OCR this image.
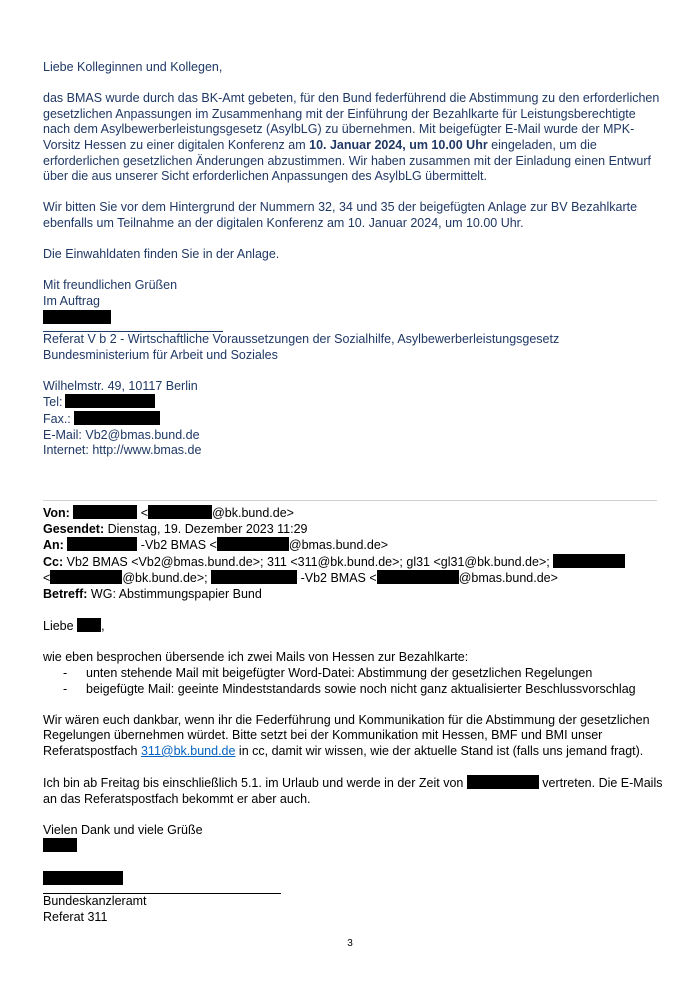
Liebe Kolleginnen und Kollegen,

das BMAS wurde durch das BK-Amt gebeten, für den Bund federführend die Abstimmung zu den erforderlichen gesetzlichen Anpassungen im Zusammenhang mit der Einführung der Bezahlkarte für Leistungsberechtigte nach dem Asylbewerberleistungsgesetz (AsylbLG) zu übernehmen. Mit beigefügter E-Mail wurde der MPK-Vorsitz Hessen zu einer digitalen Konferenz am 10. Januar 2024, um 10.00 Uhr eingeladen, um die erforderlichen gesetzlichen Änderungen abzustimmen. Wir haben zusammen mit der Einladung einen Entwurf über die aus unserer Sicht erforderlichen Anpassungen des AsylbLG übermittelt.

Wir bitten Sie vor dem Hintergrund der Nummern 32, 34 und 35 der beigefügten Anlage zur BV Bezahlkarte ebenfalls um Teilnahme an der digitalen Konferenz am 10. Januar 2024, um 10.00 Uhr.

Die Einwahldaten finden Sie in der Anlage.

Mit freundlichen Grüßen

Im Auftrag

Referat V b 2 - Wirtschaftliche Voraussetzungen der Sozialhilfe, Asylbewerberleistungsgesetz

Bundesministerium für Arbeit und Soziales

Wilhelmstr. 49, 10117 Berlin

Tel:

Fax.:

E-Mail: Vb2@bmas.bund.de

Internet: http://www.bmas.de

Von:	<	@bk.bund.de>

Gesendet: Dienstag, 19. Dezember 2023 11:29

An:	-Vb2 BMAS <	@bmas.bund.de>

Cc: Vb2 BMAS <Vb2@bmas.bund.de>; 311 <311@bk.bund.de>; gl31 <gl31@bk.bund.de>;

<	@bk.bund.de>;	-Vb2 BMAS <	@bmas.bund.de>

Betreff: WG: Abstimmungspapier Bund

Liebe ,

wie eben besprochen übersende ich zwei Mails von Hessen zur Bezahlkarte:

- unten stehende Mail mit beigefügter Word-Datei: Abstimmung der gesetzlichen Regelungen
- beigefügte Mail: geeinte Mindeststandards sowie noch nicht ganz aktualisierter Beschlussvorschlag

Wir wären euch dankbar, wenn ihr die Federführung und Kommunikation für die Abstimmung der gesetzlichen Regelungen übernehmen würdet. Bitte setzt bei der Kommunikation mit Hessen, BMF und BMI unser Referatspostfach 311@bk.bund.de in cc, damit wir wissen, wie der aktuelle Stand ist (falls uns jemand fragt).

Ich bin ab Freitag bis einschließlich 5.1. im Urlaub und werde in der Zeit von	vertreten. Die E-Mails an das Referatspostfach bekommt er aber auch.

Vielen Dank und viele Grüße

Bundeskanzleramt

Referat 311

3
